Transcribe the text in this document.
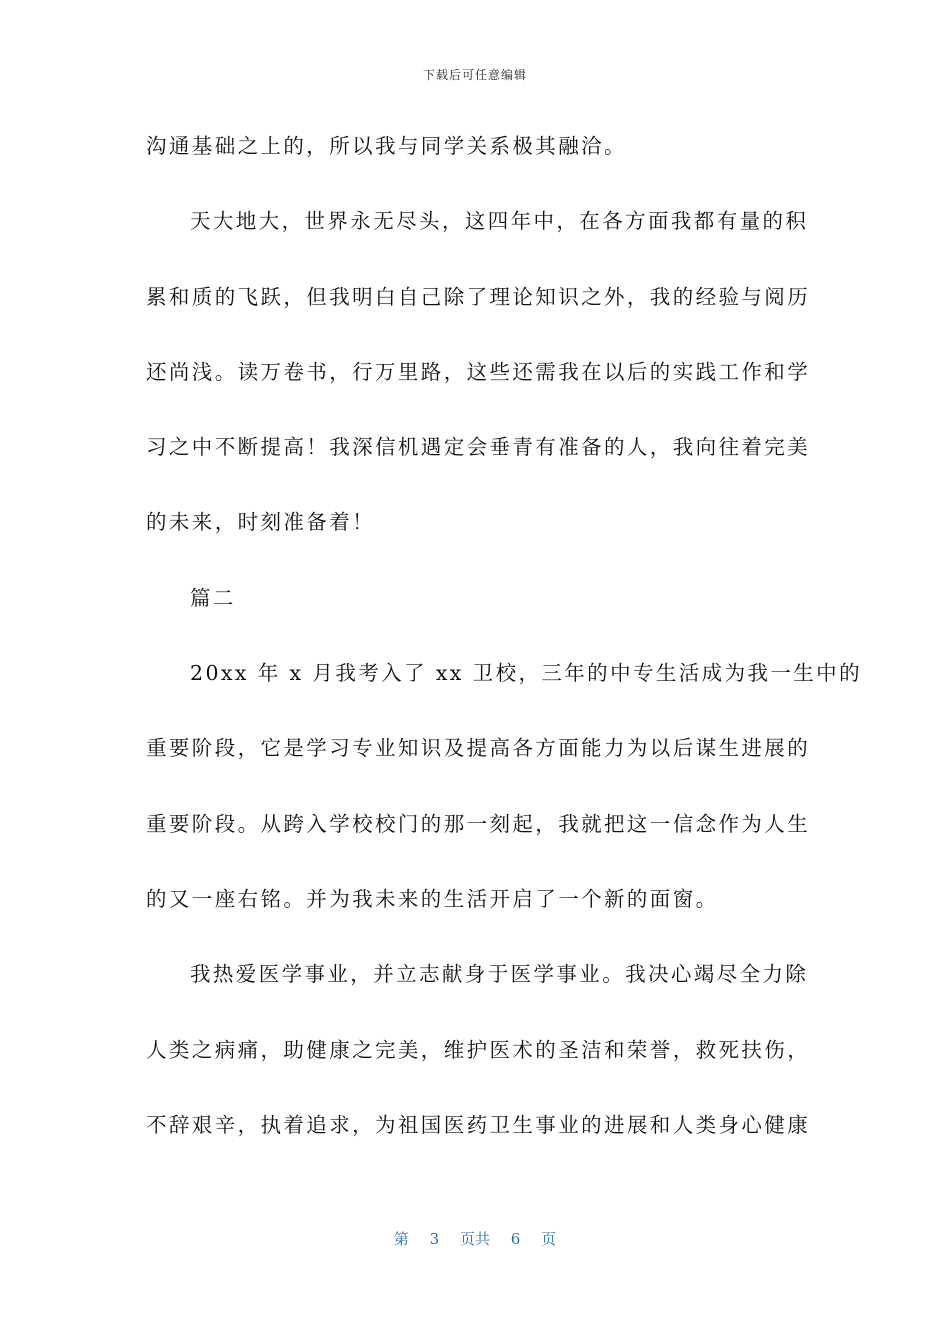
下载后可任意编辑
沟通基础之上的，所以我与同学关系极其融洽。
天大地大，世界永无尽头，这四年中，在各方面我都有量的积
累和质的飞跃，但我明白自己除了理论知识之外，我的经验与阅历
还尚浅。读万卷书，行万里路，这些还需我在以后的实践工作和学
习之中不断提高！我深信机遇定会垂青有准备的人，我向往着完美
的未来，时刻准备着！
篇二
20xx 年 x 月我考入了 xx 卫校，三年的中专生活成为我一生中的
重要阶段，它是学习专业知识及提高各方面能力为以后谋生进展的
重要阶段。从跨入学校校门的那一刻起，我就把这一信念作为人生
的又一座右铭。并为我未来的生活开启了一个新的面窗。
我热爱医学事业，并立志献身于医学事业。我决心竭尽全力除
人类之病痛，助健康之完美，维护医术的圣洁和荣誉，救死扶伤，
不辞艰辛，执着追求，为祖国医药卫生事业的进展和人类身心健康
第 3 页共 6 页
